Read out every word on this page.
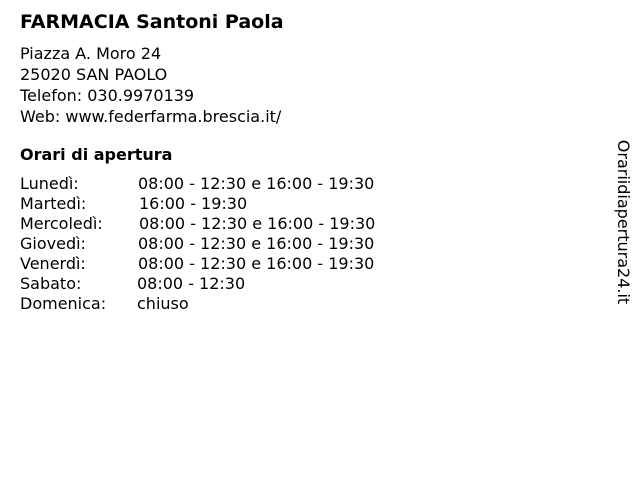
FARMACIA Santoni Paola
Piazza A. Moro 24
25020 SAN PAOLO
Telefon: 030.9970139
Web: www.federfarma.brescia.it/
Orari di apertura
Lunedì:	08:00 - 12:30 e 16:00 - 19:30
Martedì:	16:00 - 19:30
Mercoledì: 08:00 - 12:30 e 16:00 - 19:30
Giovedì:	08:00 - 12:30 e 16:00 - 19:30
Venerdì:	08:00 - 12:30 e 16:00 - 19:30
Sabato:	08:00 - 12:30
Domenica: chiuso	Orariidiapertura24.it
